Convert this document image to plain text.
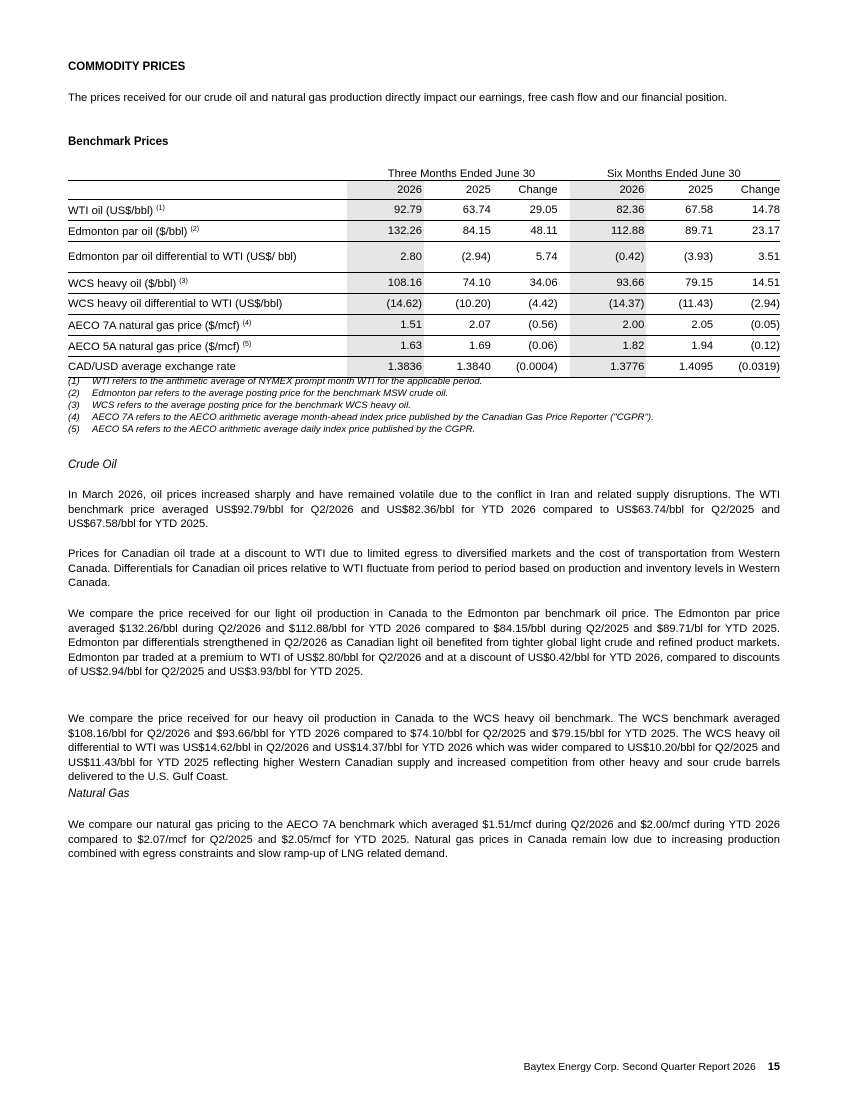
COMMODITY PRICES
The prices received for our crude oil and natural gas production directly impact our earnings, free cash flow and our financial position.
Benchmark Prices
	Three Months Ended June 30				Six Months Ended June 30		
	2026	2025	Change		2026	2025	Change
WTI oil (US$/bbl) $^{(1)}$	92.79	63.74	29.05		82.36	67.58	14.78
Edmonton par oil ($/bbl) $^{(2)}$	132.26	84.15	48.11		112.88	89.71	23.17
Edmonton par oil differential to WTI (US$/ bbl)	2.80	(2.94)	5.74		(0.42)	(3.93)	3.51
WCS heavy oil ($/bbl) $^{(3)}$	108.16	74.10	34.06		93.66	79.15	14.51
WCS heavy oil differential to WTI (US$/bbl)	(14.62)	(10.20)	(4.42)		(14.37)	(11.43)	(2.94)
AECO 7A natural gas price ($/mcf) $^{(4)}$	1.51	2.07	(0.56)		2.00	2.05	(0.05)
AECO 5A natural gas price ($/mcf) $^{(5)}$	1.63	1.69	(0.06)		1.82	1.94	(0.12)
CAD/USD average exchange rate	1.3836	1.3840	(0.0004)		1.3776	1.4095	(0.0319)
(1) WTI refers to the arithmetic average of NYMEX prompt month WTI for the applicable period.
(2) Edmonton par refers to the average posting price for the benchmark MSW crude oil.
(3) WCS refers to the average posting price for the benchmark WCS heavy oil.
(4) AECO 7A refers to the AECO arithmetic average month-ahead index price published by the Canadian Gas Price Reporter ("CGPR").
(5) AECO 5A refers to the AECO arithmetic average daily index price published by the CGPR.
Crude Oil
In March 2026, oil prices increased sharply and have remained volatile due to the conflict in Iran and related supply disruptions. The WTI benchmark price averaged US$92.79/bbl for Q2/2026 and US$82.36/bbl for YTD 2026 compared to US$63.74/bbl for Q2/2025 and US$67.58/bbl for YTD 2025.
Prices for Canadian oil trade at a discount to WTI due to limited egress to diversified markets and the cost of transportation from Western Canada. Differentials for Canadian oil prices relative to WTI fluctuate from period to period based on production and inventory levels in Western Canada.
We compare the price received for our light oil production in Canada to the Edmonton par benchmark oil price. The Edmonton par price averaged $132.26/bbl during Q2/2026 and $112.88/bbl for YTD 2026 compared to $84.15/bbl during Q2/2025 and $89.71/bl for YTD 2025. Edmonton par differentials strengthened in Q2/2026 as Canadian light oil benefited from tighter global light crude and refined product markets. Edmonton par traded at a premium to WTI of US$2.80/bbl for Q2/2026 and at a discount of US$0.42/bbl for YTD 2026, compared to discounts of US$2.94/bbl for Q2/2025 and US$3.93/bbl for YTD 2025.
We compare the price received for our heavy oil production in Canada to the WCS heavy oil benchmark. The WCS benchmark averaged $108.16/bbl for Q2/2026 and $93.66/bbl for YTD 2026 compared to $74.10/bbl for Q2/2025 and $79.15/bbl for YTD 2025. The WCS heavy oil differential to WTI was US$14.62/bbl in Q2/2026 and US$14.37/bbl for YTD 2026 which was wider compared to US$10.20/bbl for Q2/2025 and US$11.43/bbl for YTD 2025 reflecting higher Western Canadian supply and increased competition from other heavy and sour crude barrels delivered to the U.S. Gulf Coast.
Natural Gas
We compare our natural gas pricing to the AECO 7A benchmark which averaged $1.51/mcf during Q2/2026 and $2.00/mcf during YTD 2026 compared to $2.07/mcf for Q2/2025 and $2.05/mcf for YTD 2025. Natural gas prices in Canada remain low due to increasing production combined with egress constraints and slow ramp-up of LNG related demand.
Baytex Energy Corp. Second Quarter Report 2026 15
